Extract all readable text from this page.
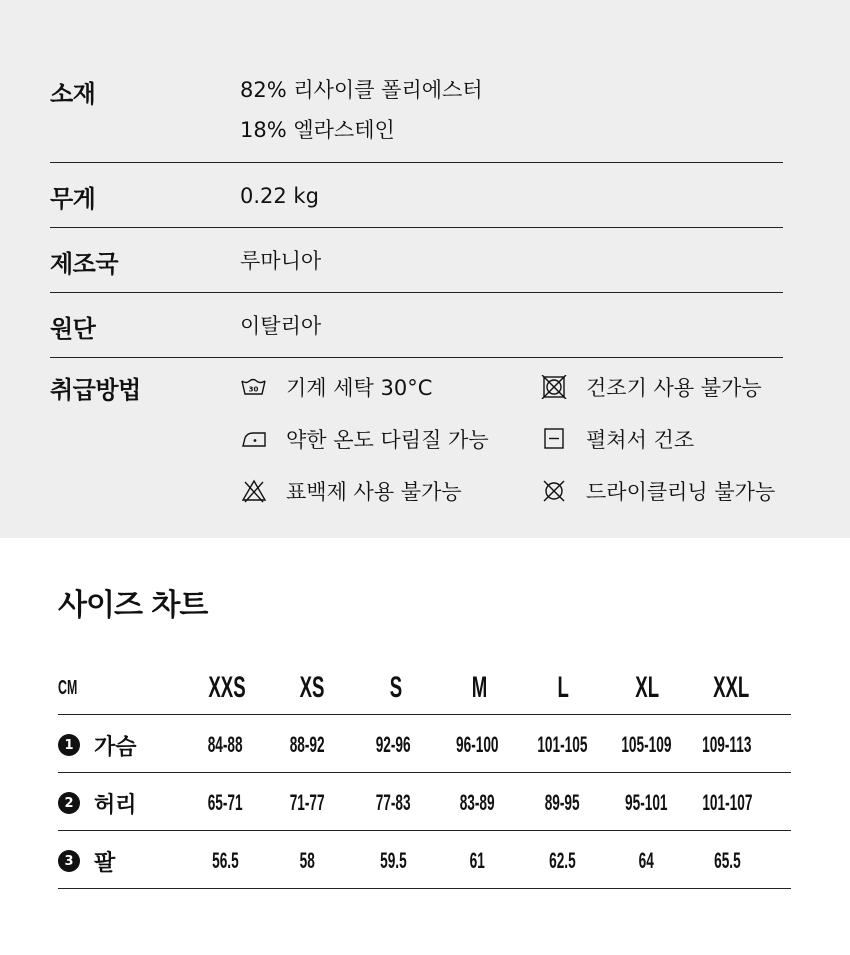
소재	82% 리사이클 폴리에스터
18% 엘라스테인
무게	0.22 kg
제조국	루마니아
원단	이탈리아
취급방법	30 기계 세탁 30°C	건조기 사용 불가능
약한 온도 다림질 가능	펼쳐서 건조
표백제 사용 불가능	드라이클리닝 불가능
사이즈 차트
CM	XXS	XS	S	M	L	XL	XXL
1 가슴	84-88	88-92	92-96	96-100	101-105	105-109	109-113
2 허리	65-71	71-77	77-83	83-89	89-95	95-101	101-107
3 팔	56.5	58	59.5	61	62.5	64	65.5
